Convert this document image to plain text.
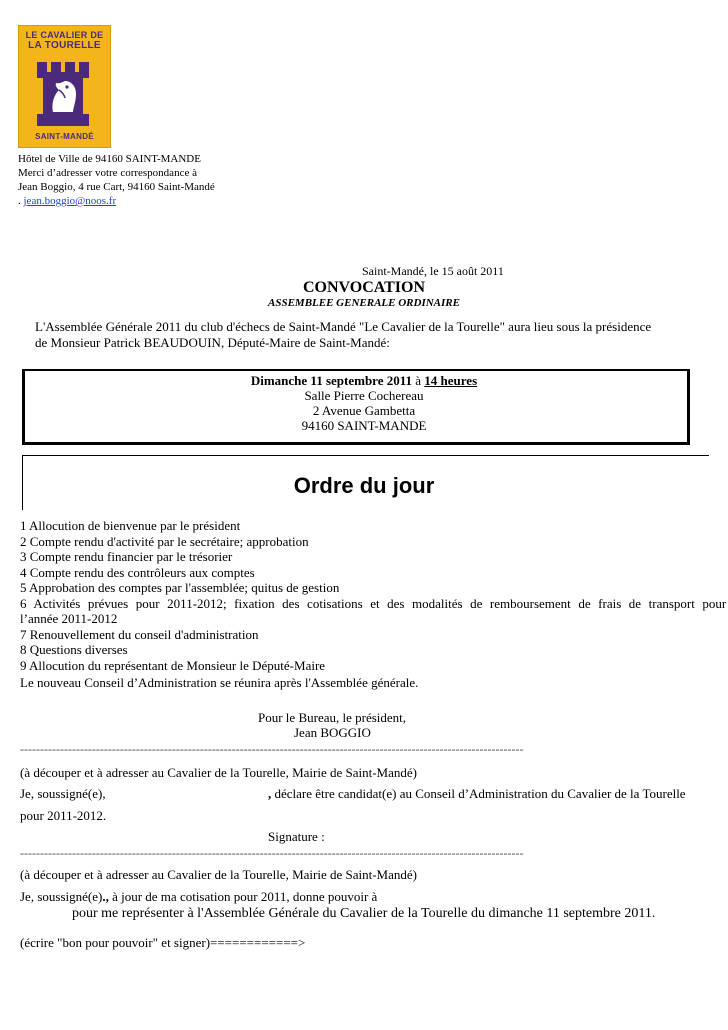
LE CAVALIER DE
LA TOURELLE
SAINT-MANDÉ
Hôtel de Ville de 94160 SAINT-MANDE
Merci d’adresser votre correspondance à
Jean Boggio, 4 rue Cart, 94160 Saint-Mandé
. jean.boggio@noos.fr
Saint-Mandé, le 15 août 2011
CONVOCATION
ASSEMBLEE GENERALE ORDINAIRE
L'Assemblée Générale 2011 du club d'échecs de Saint-Mandé "Le Cavalier de la Tourelle" aura lieu sous la présidence
de Monsieur Patrick BEAUDOUIN, Député-Maire de Saint-Mandé:
Dimanche 11 septembre 2011 à 14 heures
Salle Pierre Cochereau
2 Avenue Gambetta
94160 SAINT-MANDE
Ordre du jour
1 Allocution de bienvenue par le président
2 Compte rendu d'activité par le secrétaire; approbation
3 Compte rendu financier par le trésorier
4 Compte rendu des contrôleurs aux comptes
5 Approbation des comptes par l'assemblée; quitus de gestion
6 Activités prévues pour 2011-2012; fixation des cotisations et des modalités de remboursement de frais de transport pour
l’année 2011-2012
7 Renouvellement du conseil d'administration
8 Questions diverses
9 Allocution du représentant de Monsieur le Député-Maire
Le nouveau Conseil d’Administration se réunira après l'Assemblée générale.
Pour le Bureau, le président,
Jean BOGGIO
------------------------------------------------------------------------------------------------------------------------------
(à découper et à adresser au Cavalier de la Tourelle, Mairie de Saint-Mandé)
Je, soussigné(e),	, déclare être candidat(e) au Conseil d’Administration du Cavalier de la Tourelle
pour 2011-2012.
Signature :
------------------------------------------------------------------------------------------------------------------------------
(à découper et à adresser au Cavalier de la Tourelle, Mairie de Saint-Mandé)
Je, soussigné(e)., à jour de ma cotisation pour 2011, donne pouvoir à
pour me représenter à l'Assemblée Générale du Cavalier de la Tourelle du dimanche 11 septembre 2011.
(écrire "bon pour pouvoir" et signer)============>
